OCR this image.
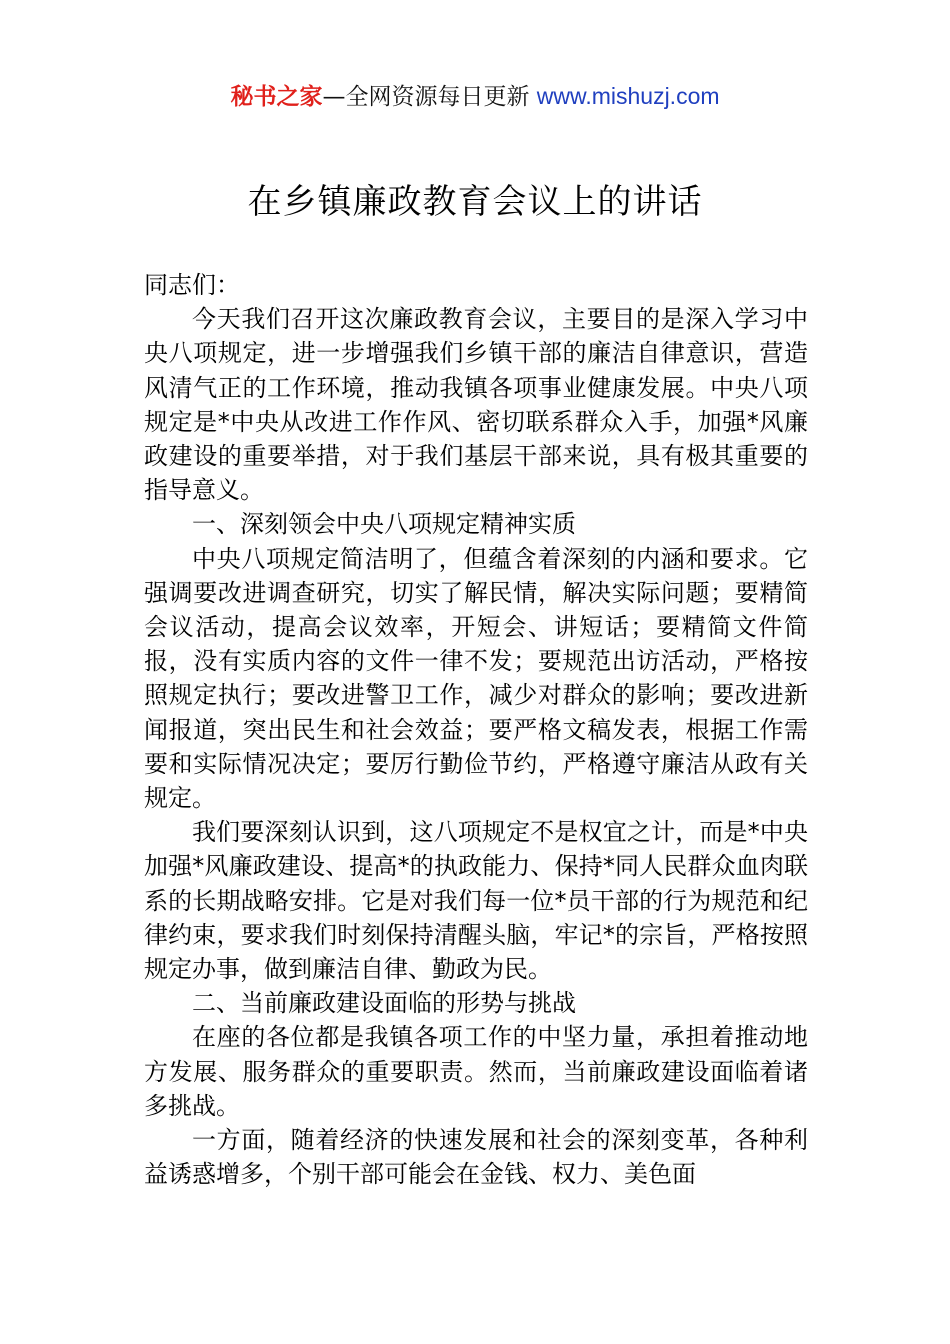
秘书之家—全网资源每日更新 www.mishuzj.com
在乡镇廉政教育会议上的讲话

同志们：

今天我们召开这次廉政教育会议，主要目的是深入学习中央八项规定，进一步增强我们乡镇干部的廉洁自律意识，营造风清气正的工作环境，推动我镇各项事业健康发展。中央八项规定是*中央从改进工作作风、密切联系群众入手，加强*风廉政建设的重要举措，对于我们基层干部来说，具有极其重要的指导意义。

一、深刻领会中央八项规定精神实质

中央八项规定简洁明了，但蕴含着深刻的内涵和要求。它强调要改进调查研究，切实了解民情，解决实际问题；要精简会议活动，提高会议效率，开短会、讲短话；要精简文件简报，没有实质内容的文件一律不发；要规范出访活动，严格按照规定执行；要改进警卫工作，减少对群众的影响；要改进新闻报道，突出民生和社会效益；要严格文稿发表，根据工作需要和实际情况决定；要厉行勤俭节约，严格遵守廉洁从政有关规定。

我们要深刻认识到，这八项规定不是权宜之计，而是*中央加强*风廉政建设、提高*的执政能力、保持*同人民群众血肉联系的长期战略安排。它是对我们每一位*员干部的行为规范和纪律约束，要求我们时刻保持清醒头脑，牢记*的宗旨，严格按照规定办事，做到廉洁自律、勤政为民。

二、当前廉政建设面临的形势与挑战

在座的各位都是我镇各项工作的中坚力量，承担着推动地方发展、服务群众的重要职责。然而，当前廉政建设面临着诸多挑战。

一方面，随着经济的快速发展和社会的深刻变革，各种利益诱惑增多，个别干部可能会在金钱、权力、美色面
